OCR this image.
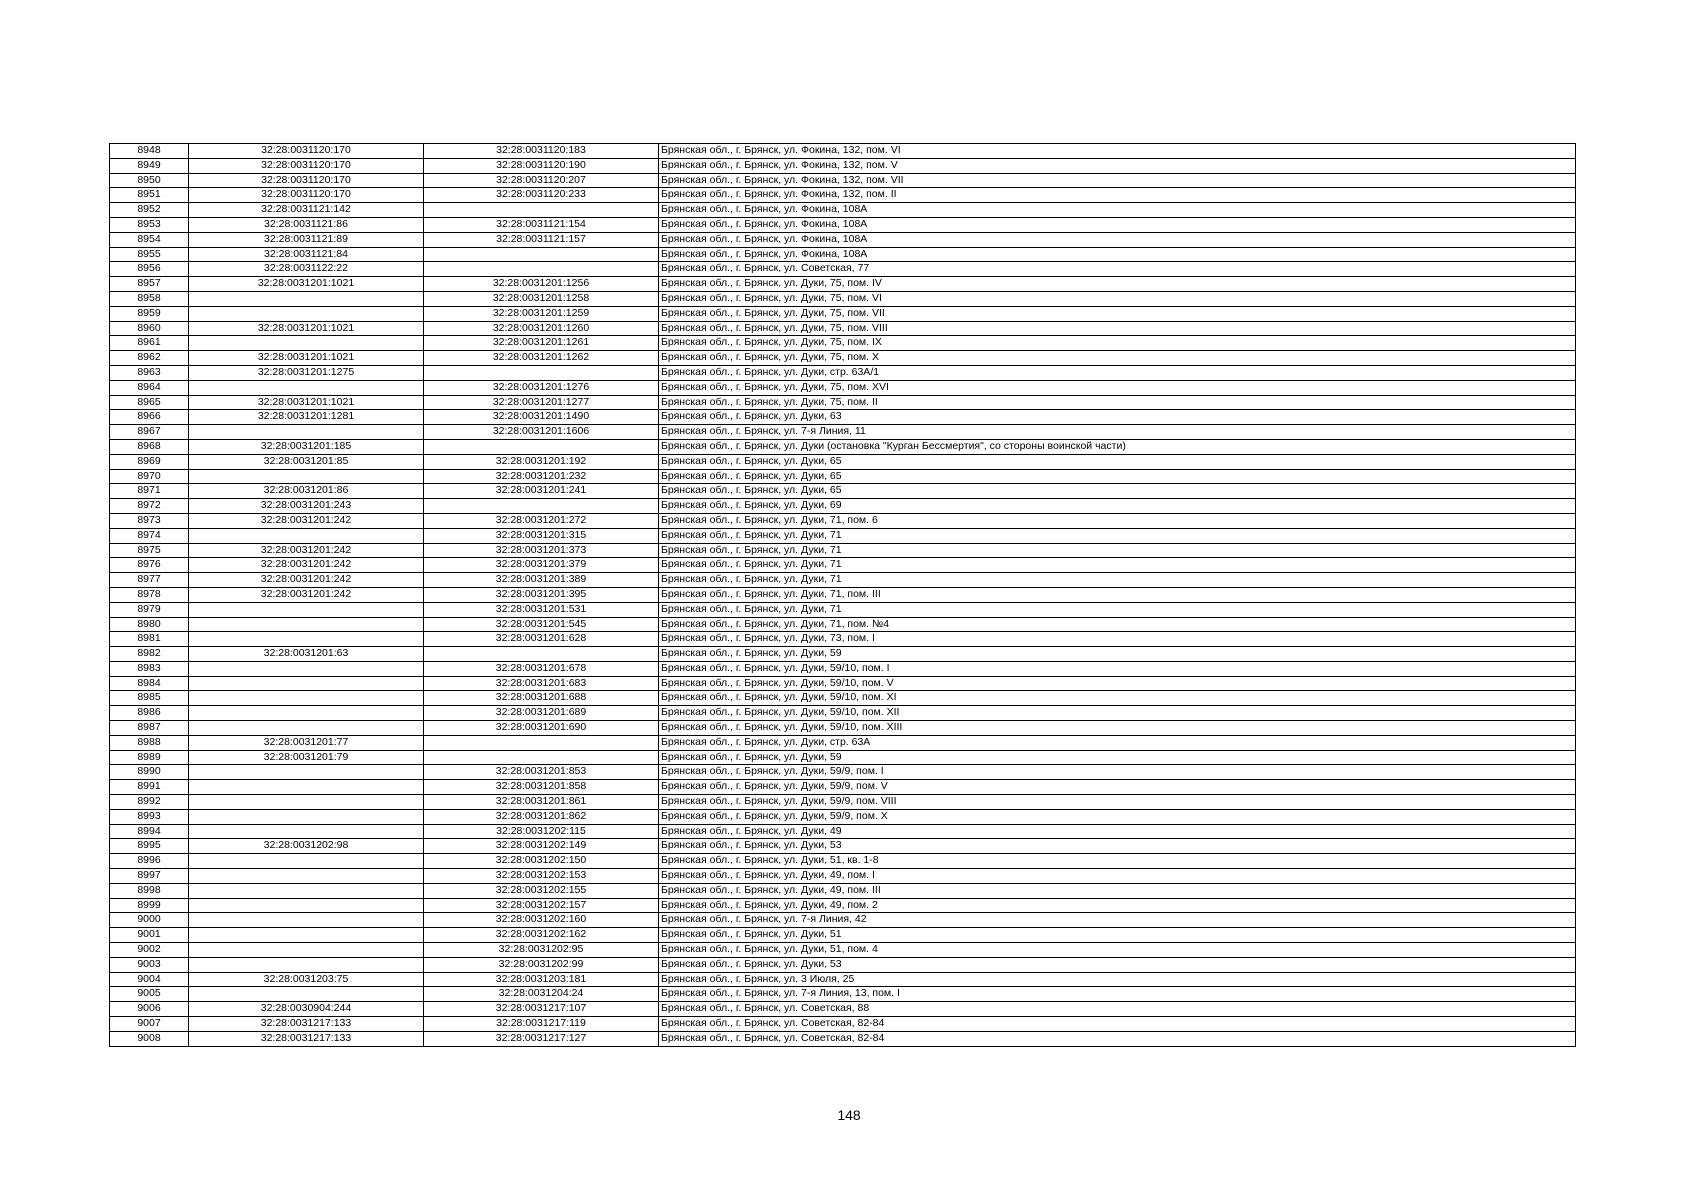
8948	32:28:0031120:170	32:28:0031120:183	Брянская обл., г. Брянск, ул. Фокина, 132, пом. VI
8949	32:28:0031120:170	32:28:0031120:190	Брянская обл., г. Брянск, ул. Фокина, 132, пом. V
8950	32:28:0031120:170	32:28:0031120:207	Брянская обл., г. Брянск, ул. Фокина, 132, пом. VII
8951	32:28:0031120:170	32:28:0031120:233	Брянская обл., г. Брянск, ул. Фокина, 132, пом. II
8952	32:28:0031121:142		Брянская обл., г. Брянск, ул. Фокина, 108А
8953	32:28:0031121:86	32:28:0031121:154	Брянская обл., г. Брянск, ул. Фокина, 108А
8954	32:28:0031121:89	32:28:0031121:157	Брянская обл., г. Брянск, ул. Фокина, 108А
8955	32:28:0031121:84		Брянская обл., г. Брянск, ул. Фокина, 108А
8956	32:28:0031122:22		Брянская обл., г. Брянск, ул. Советская, 77
8957	32:28:0031201:1021	32:28:0031201:1256	Брянская обл., г. Брянск, ул. Дуки, 75, пом. IV
8958		32:28:0031201:1258	Брянская обл., г. Брянск, ул. Дуки, 75, пом. VI
8959		32:28:0031201:1259	Брянская обл., г. Брянск, ул. Дуки, 75, пом. VII
8960	32:28:0031201:1021	32:28:0031201:1260	Брянская обл., г. Брянск, ул. Дуки, 75, пом. VIII
8961		32:28:0031201:1261	Брянская обл., г. Брянск, ул. Дуки, 75, пом. IX
8962	32:28:0031201:1021	32:28:0031201:1262	Брянская обл., г. Брянск, ул. Дуки, 75, пом. X
8963	32:28:0031201:1275		Брянская обл., г. Брянск, ул. Дуки, стр. 63А/1
8964		32:28:0031201:1276	Брянская обл., г. Брянск, ул. Дуки, 75, пом. XVI
8965	32:28:0031201:1021	32:28:0031201:1277	Брянская обл., г. Брянск, ул. Дуки, 75, пом. II
8966	32:28:0031201:1281	32:28:0031201:1490	Брянская обл., г. Брянск, ул. Дуки, 63
8967		32:28:0031201:1606	Брянская обл., г. Брянск, ул. 7-я Линия, 11
8968	32:28:0031201:185		Брянская обл., г. Брянск, ул. Дуки (остановка "Курган Бессмертия", со стороны воинской части)
8969	32:28:0031201:85	32:28:0031201:192	Брянская обл., г. Брянск, ул. Дуки, 65
8970		32:28:0031201:232	Брянская обл., г. Брянск, ул. Дуки, 65
8971	32:28:0031201:86	32:28:0031201:241	Брянская обл., г. Брянск, ул. Дуки, 65
8972	32:28:0031201:243		Брянская обл., г. Брянск, ул. Дуки, 69
8973	32:28:0031201:242	32:28:0031201:272	Брянская обл., г. Брянск, ул. Дуки, 71, пом. 6
8974		32:28:0031201:315	Брянская обл., г. Брянск, ул. Дуки, 71
8975	32:28:0031201:242	32:28:0031201:373	Брянская обл., г. Брянск, ул. Дуки, 71
8976	32:28:0031201:242	32:28:0031201:379	Брянская обл., г. Брянск, ул. Дуки, 71
8977	32:28:0031201:242	32:28:0031201:389	Брянская обл., г. Брянск, ул. Дуки, 71
8978	32:28:0031201:242	32:28:0031201:395	Брянская обл., г. Брянск, ул. Дуки, 71, пом. III
8979		32:28:0031201:531	Брянская обл., г. Брянск, ул. Дуки, 71
8980		32:28:0031201:545	Брянская обл., г. Брянск, ул. Дуки, 71, пом. №4
8981		32:28:0031201:628	Брянская обл., г. Брянск, ул. Дуки, 73, пом. I
8982	32:28:0031201:63		Брянская обл., г. Брянск, ул. Дуки, 59
8983		32:28:0031201:678	Брянская обл., г. Брянск, ул. Дуки, 59/10, пом. I
8984		32:28:0031201:683	Брянская обл., г. Брянск, ул. Дуки, 59/10, пом. V
8985		32:28:0031201:688	Брянская обл., г. Брянск, ул. Дуки, 59/10, пом. XI
8986		32:28:0031201:689	Брянская обл., г. Брянск, ул. Дуки, 59/10, пом. XII
8987		32:28:0031201:690	Брянская обл., г. Брянск, ул. Дуки, 59/10, пом. XIII
8988	32:28:0031201:77		Брянская обл., г. Брянск, ул. Дуки, стр. 63А
8989	32:28:0031201:79		Брянская обл., г. Брянск, ул. Дуки, 59
8990		32:28:0031201:853	Брянская обл., г. Брянск, ул. Дуки, 59/9, пом. I
8991		32:28:0031201:858	Брянская обл., г. Брянск, ул. Дуки, 59/9, пом. V
8992		32:28:0031201:861	Брянская обл., г. Брянск, ул. Дуки, 59/9, пом. VIII
8993		32:28:0031201:862	Брянская обл., г. Брянск, ул. Дуки, 59/9, пом. X
8994		32:28:0031202:115	Брянская обл., г. Брянск, ул. Дуки, 49
8995	32:28:0031202:98	32:28:0031202:149	Брянская обл., г. Брянск, ул. Дуки, 53
8996		32:28:0031202:150	Брянская обл., г. Брянск, ул. Дуки, 51, кв. 1-8
8997		32:28:0031202:153	Брянская обл., г. Брянск, ул. Дуки, 49, пом. I
8998		32:28:0031202:155	Брянская обл., г. Брянск, ул. Дуки, 49, пом. III
8999		32:28:0031202:157	Брянская обл., г. Брянск, ул. Дуки, 49, пом. 2
9000		32:28:0031202:160	Брянская обл., г. Брянск, ул. 7-я Линия, 42
9001		32:28:0031202:162	Брянская обл., г. Брянск, ул. Дуки, 51
9002		32:28:0031202:95	Брянская обл., г. Брянск, ул. Дуки, 51, пом. 4
9003		32:28:0031202:99	Брянская обл., г. Брянск, ул. Дуки, 53
9004	32:28:0031203:75	32:28:0031203:181	Брянская обл., г. Брянск, ул. 3 Июля, 25
9005		32:28:0031204:24	Брянская обл., г. Брянск, ул. 7-я Линия, 13, пом. I
9006	32:28:0030904:244	32:28:0031217:107	Брянская обл., г. Брянск, ул. Советская, 88
9007	32:28:0031217:133	32:28:0031217:119	Брянская обл., г. Брянск, ул. Советская, 82-84
9008	32:28:0031217:133	32:28:0031217:127	Брянская обл., г. Брянск, ул. Советская, 82-84
148
